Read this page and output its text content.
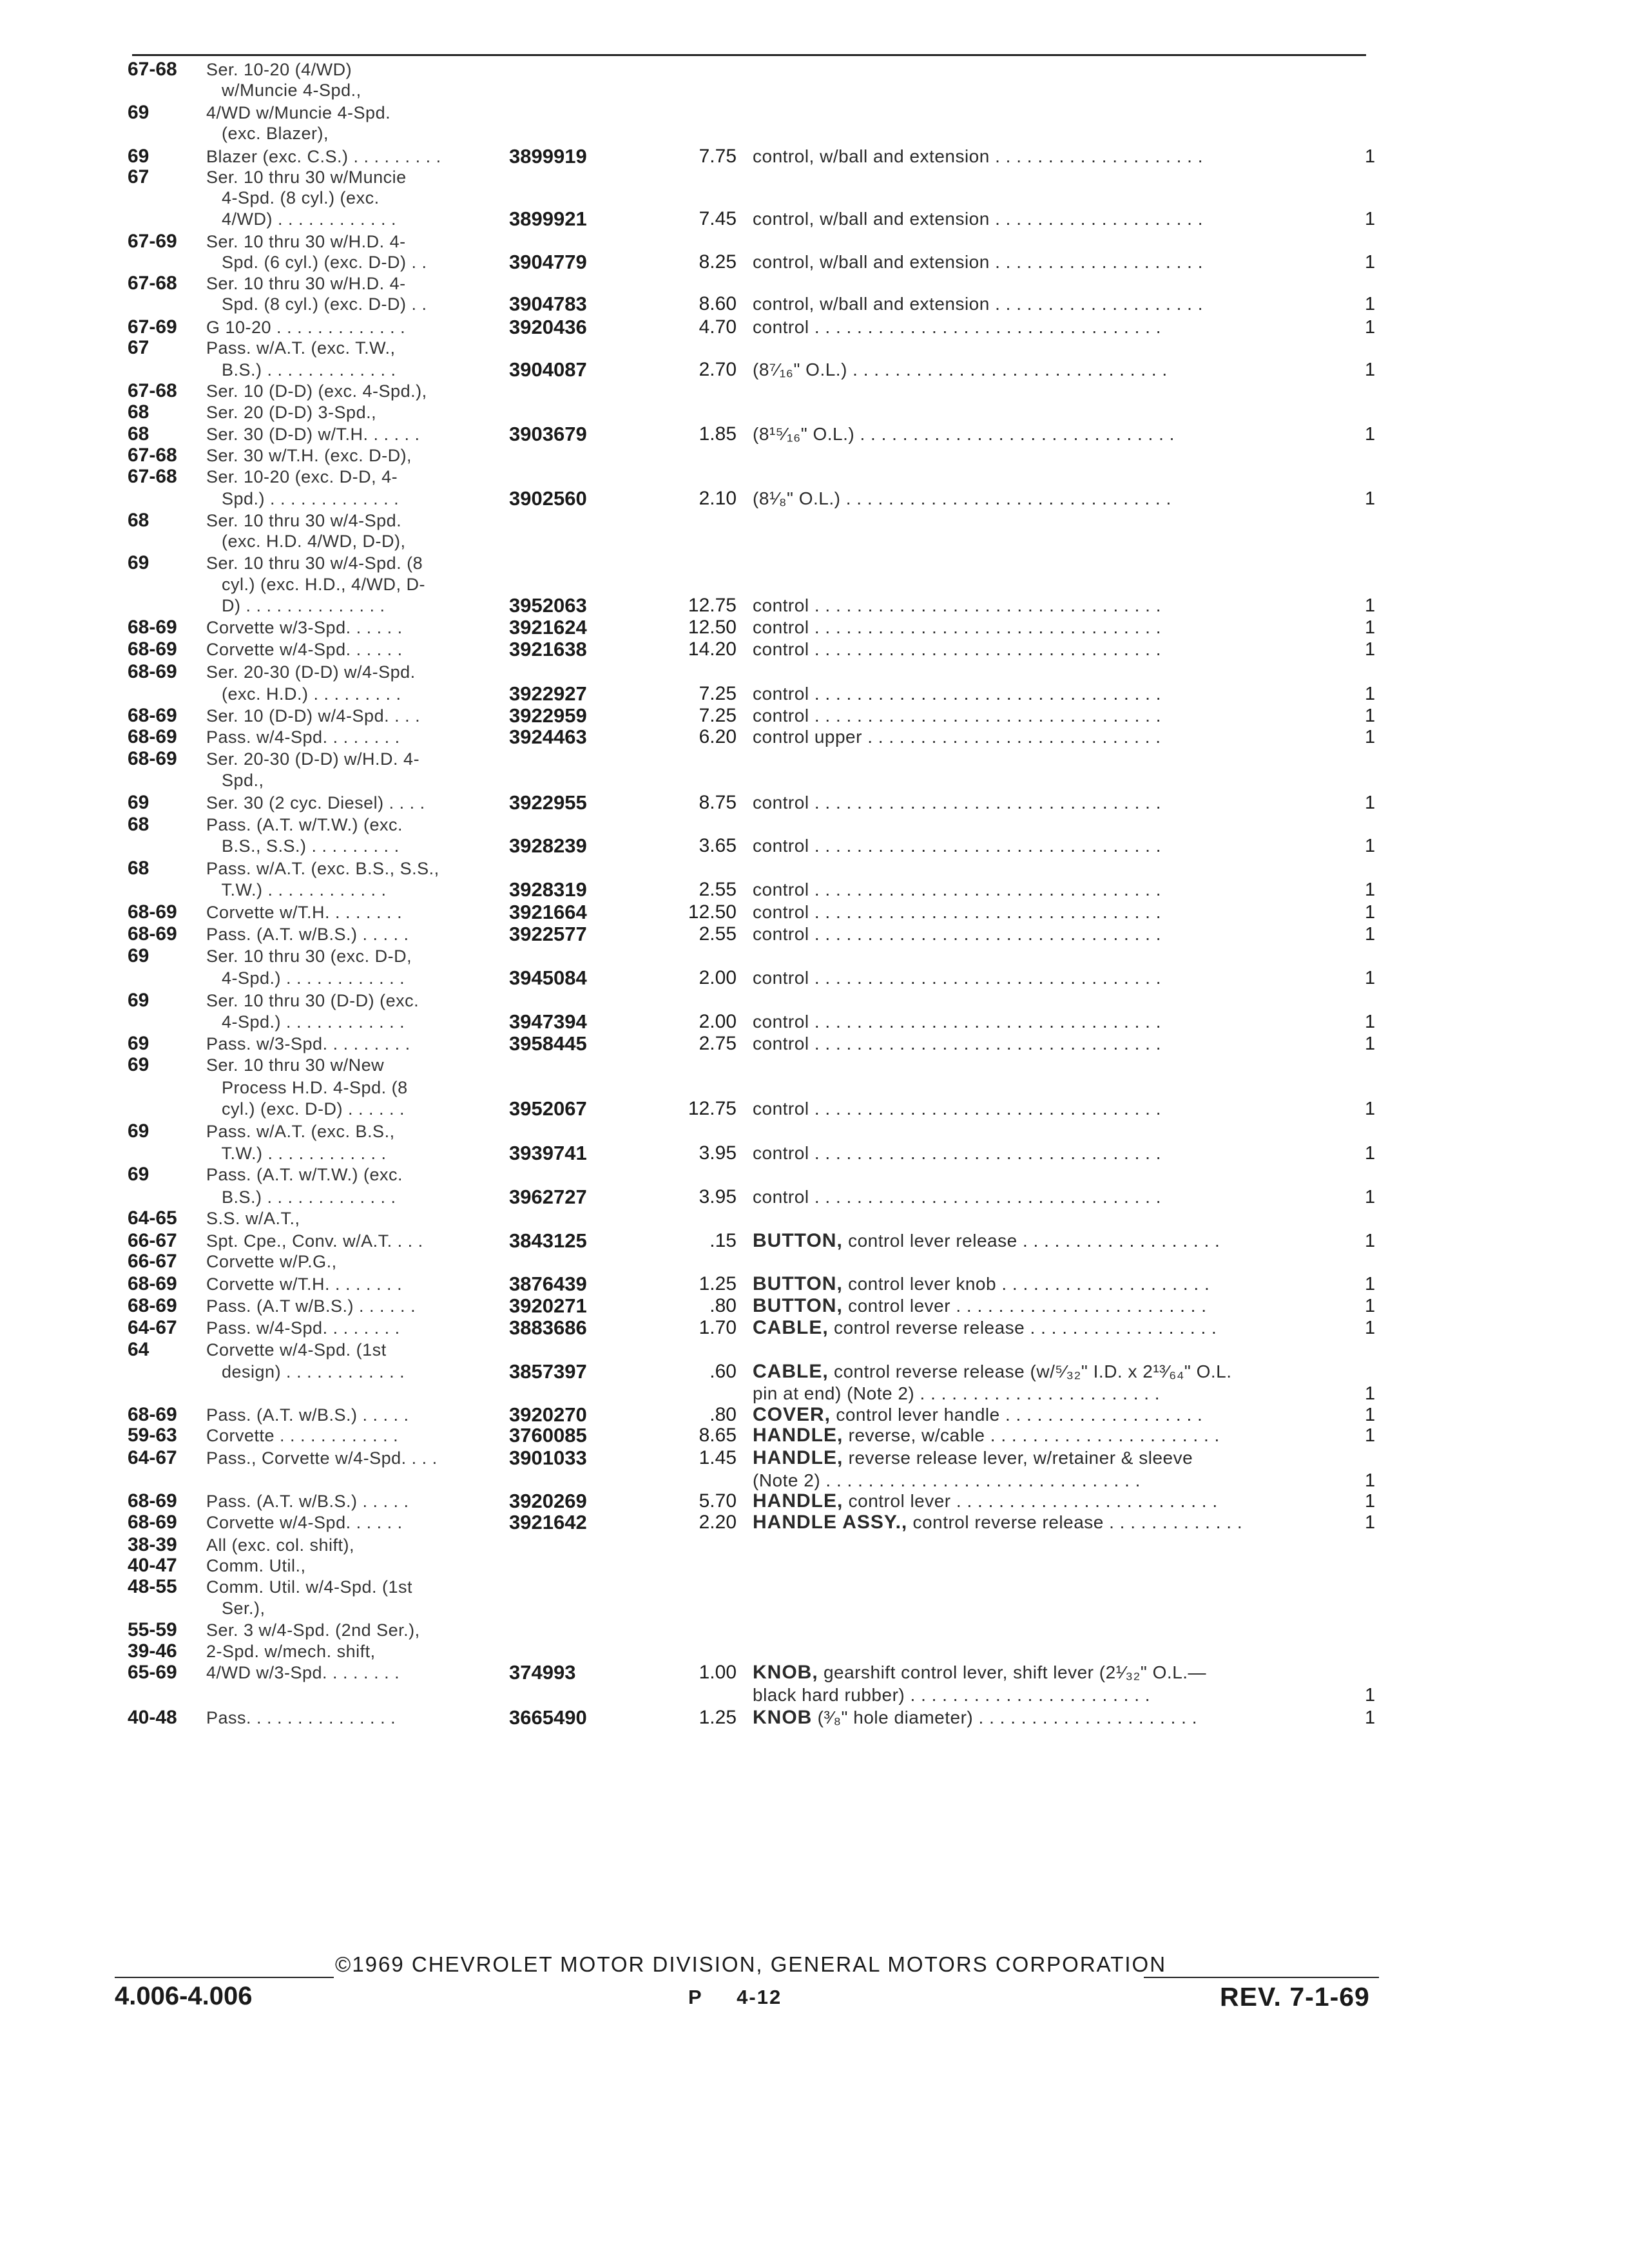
67-68 Ser. 10-20 (4/WD)
w/Muncie 4-Spd.,
69	4/WD w/Muncie 4-Spd.
(exc. Blazer),
69	Blazer (exc. C.S.) . . . . . . . . .	3899919	7.75 control, w/ball and extension . . . . . . . . . . . . . . . . . . . .	1
67	Ser. 10 thru 30 w/Muncie
4-Spd. (8 cyl.) (exc.
4/WD) . . . . . . . . . . . .	3899921	7.45 control, w/ball and extension . . . . . . . . . . . . . . . . . . . .	1
67-69 Ser. 10 thru 30 w/H.D. 4-
Spd. (6 cyl.) (exc. D-D) . .	3904779	8.25 control, w/ball and extension . . . . . . . . . . . . . . . . . . . .	1
67-68 Ser. 10 thru 30 w/H.D. 4-
Spd. (8 cyl.) (exc. D-D) . .	3904783	8.60 control, w/ball and extension . . . . . . . . . . . . . . . . . . . .	1
67-69 G 10-20 . . . . . . . . . . . . .	3920436	4.70 control . . . . . . . . . . . . . . . . . . . . . . . . . . . . . . . . .	1
67	Pass. w/A.T. (exc. T.W.,
B.S.) . . . . . . . . . . . . .	3904087	2.70 (8⁷⁄₁₆" O.L.) . . . . . . . . . . . . . . . . . . . . . . . . . . . . . .	1
67-68 Ser. 10 (D-D) (exc. 4-Spd.),
68	Ser. 20 (D-D) 3-Spd.,
68	Ser. 30 (D-D) w/T.H. . . . . .	3903679	1.85 (8¹⁵⁄₁₆" O.L.) . . . . . . . . . . . . . . . . . . . . . . . . . . . . . .	1
67-68 Ser. 30 w/T.H. (exc. D-D),
67-68 Ser. 10-20 (exc. D-D, 4-
Spd.) . . . . . . . . . . . . .	3902560	2.10 (8¹⁄₈" O.L.) . . . . . . . . . . . . . . . . . . . . . . . . . . . . . . .	1
68	Ser. 10 thru 30 w/4-Spd.
(exc. H.D. 4/WD, D-D),
69	Ser. 10 thru 30 w/4-Spd. (8
cyl.) (exc. H.D., 4/WD, D-
D) . . . . . . . . . . . . . .	3952063	12.75 control . . . . . . . . . . . . . . . . . . . . . . . . . . . . . . . . .	1
68-69 Corvette w/3-Spd. . . . . .	3921624	12.50 control . . . . . . . . . . . . . . . . . . . . . . . . . . . . . . . . .	1
68-69 Corvette w/4-Spd. . . . . .	3921638	14.20 control . . . . . . . . . . . . . . . . . . . . . . . . . . . . . . . . .	1
68-69 Ser. 20-30 (D-D) w/4-Spd.
(exc. H.D.) . . . . . . . . .	3922927	7.25 control . . . . . . . . . . . . . . . . . . . . . . . . . . . . . . . . .	1
68-69 Ser. 10 (D-D) w/4-Spd. . . .	3922959	7.25 control . . . . . . . . . . . . . . . . . . . . . . . . . . . . . . . . .	1
68-69 Pass. w/4-Spd. . . . . . . .	3924463	6.20 control upper . . . . . . . . . . . . . . . . . . . . . . . . . . . .	1
68-69 Ser. 20-30 (D-D) w/H.D. 4-
Spd.,
69	Ser. 30 (2 cyc. Diesel) . . . .	3922955	8.75 control . . . . . . . . . . . . . . . . . . . . . . . . . . . . . . . . .	1
68	Pass. (A.T. w/T.W.) (exc.
B.S., S.S.) . . . . . . . . .	3928239	3.65 control . . . . . . . . . . . . . . . . . . . . . . . . . . . . . . . . .	1
68	Pass. w/A.T. (exc. B.S., S.S.,
T.W.) . . . . . . . . . . . .	3928319	2.55 control . . . . . . . . . . . . . . . . . . . . . . . . . . . . . . . . .	1
68-69 Corvette w/T.H. . . . . . . .	3921664	12.50 control . . . . . . . . . . . . . . . . . . . . . . . . . . . . . . . . .	1
68-69 Pass. (A.T. w/B.S.) . . . . .	3922577	2.55 control . . . . . . . . . . . . . . . . . . . . . . . . . . . . . . . . .	1
69	Ser. 10 thru 30 (exc. D-D,
4-Spd.) . . . . . . . . . . . .	3945084	2.00 control . . . . . . . . . . . . . . . . . . . . . . . . . . . . . . . . .	1
69	Ser. 10 thru 30 (D-D) (exc.
4-Spd.) . . . . . . . . . . . .	3947394	2.00 control . . . . . . . . . . . . . . . . . . . . . . . . . . . . . . . . .	1
69	Pass. w/3-Spd. . . . . . . . .	3958445	2.75 control . . . . . . . . . . . . . . . . . . . . . . . . . . . . . . . . .	1
69	Ser. 10 thru 30 w/New
Process H.D. 4-Spd. (8
cyl.) (exc. D-D) . . . . . .	3952067	12.75 control . . . . . . . . . . . . . . . . . . . . . . . . . . . . . . . . .	1
69	Pass. w/A.T. (exc. B.S.,
T.W.) . . . . . . . . . . . .	3939741	3.95 control . . . . . . . . . . . . . . . . . . . . . . . . . . . . . . . . .	1
69	Pass. (A.T. w/T.W.) (exc.
B.S.) . . . . . . . . . . . . .	3962727	3.95 control . . . . . . . . . . . . . . . . . . . . . . . . . . . . . . . . .	1
64-65 S.S. w/A.T.,
66-67 Spt. Cpe., Conv. w/A.T. . . .	3843125	.15 BUTTON, control lever release . . . . . . . . . . . . . . . . . . .	1
66-67 Corvette w/P.G.,
68-69 Corvette w/T.H. . . . . . . .	3876439	1.25 BUTTON, control lever knob . . . . . . . . . . . . . . . . . . . .	1
68-69 Pass. (A.T w/B.S.) . . . . . .	3920271	.80 BUTTON, control lever . . . . . . . . . . . . . . . . . . . . . . . .	1
64-67 Pass. w/4-Spd. . . . . . . .	3883686	1.70 CABLE, control reverse release . . . . . . . . . . . . . . . . . .	1
64	Corvette w/4-Spd. (1st
design) . . . . . . . . . . . .	3857397	.60 CABLE, control reverse release (w/⁵⁄₃₂" I.D. x 2¹³⁄₆₄" O.L.
pin at end) (Note 2) . . . . . . . . . . . . . . . . . . . . . . .	1
68-69 Pass. (A.T. w/B.S.) . . . . .	3920270	.80 COVER, control lever handle . . . . . . . . . . . . . . . . . . .	1
59-63 Corvette . . . . . . . . . . . .	3760085	8.65 HANDLE, reverse, w/cable . . . . . . . . . . . . . . . . . . . . . .	1
64-67 Pass., Corvette w/4-Spd. . . .	3901033	1.45 HANDLE, reverse release lever, w/retainer & sleeve
(Note 2) . . . . . . . . . . . . . . . . . . . . . . . . . . . . . .	1
68-69 Pass. (A.T. w/B.S.) . . . . .	3920269	5.70 HANDLE, control lever . . . . . . . . . . . . . . . . . . . . . . . . .	1
68-69 Corvette w/4-Spd. . . . . .	3921642	2.20 HANDLE ASSY., control reverse release . . . . . . . . . . . . .	1
38-39 All (exc. col. shift),
40-47 Comm. Util.,
48-55 Comm. Util. w/4-Spd. (1st
Ser.),
55-59 Ser. 3 w/4-Spd. (2nd Ser.),
39-46 2-Spd. w/mech. shift,
65-69 4/WD w/3-Spd. . . . . . . .	374993	1.00 KNOB, gearshift control lever, shift lever (2¹⁄₃₂" O.L.—
black hard rubber) . . . . . . . . . . . . . . . . . . . . . . .	1
40-48 Pass. . . . . . . . . . . . . . .	3665490	1.25 KNOB (³⁄₈" hole diameter) . . . . . . . . . . . . . . . . . . . . .	1
©1969 CHEVROLET MOTOR DIVISION, GENERAL MOTORS CORPORATION
4.006-4.006	P     4-12	REV. 7-1-69
